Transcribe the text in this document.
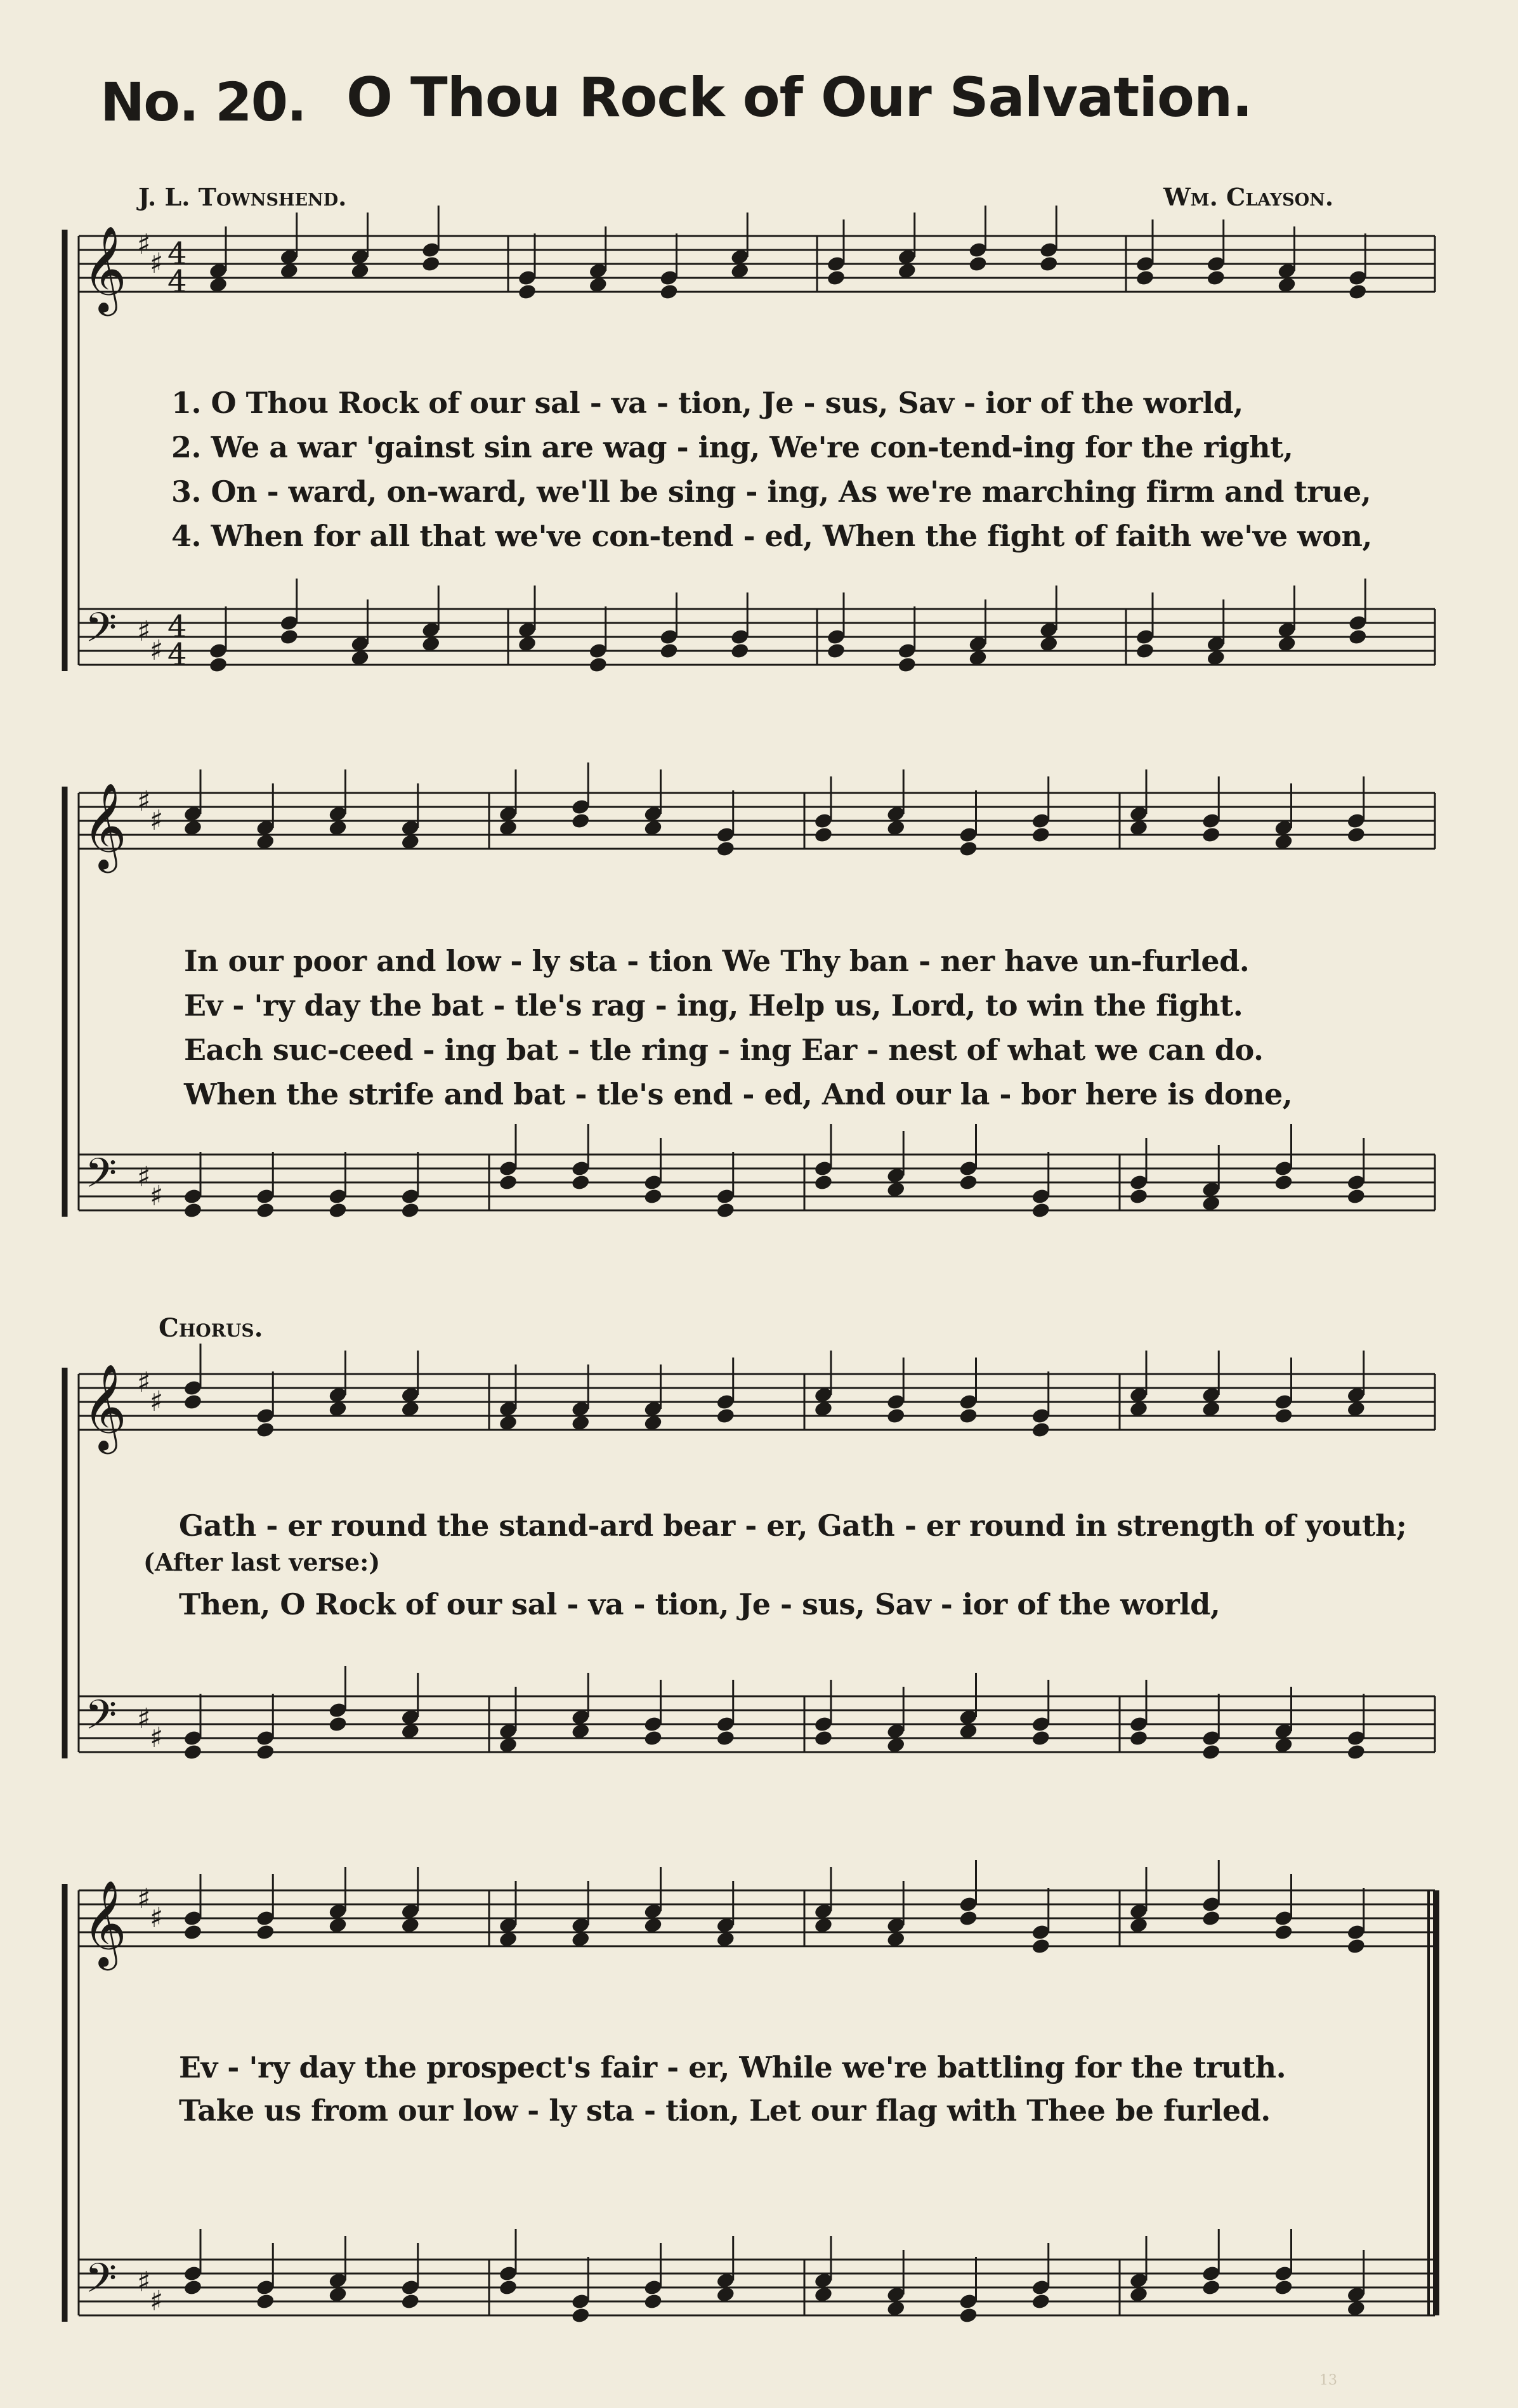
No. 20. O Thou Rock of Our Salvation.
J. L. Townshend.	Wm. Clayson.
𝄞
𝄢
♯
♯
♯
♯
4
4
4
4
𝄞
𝄢
♯
♯
♯
♯
𝄞
𝄢
♯
♯
♯
♯
𝄞
𝄢
♯
♯
♯
♯
1. O Thou Rock of our sal - va - tion, Je - sus, Sav - ior of the world,
2. We a war 'gainst sin are wag - ing, We're con-tend-ing for the right,
3. On - ward, on-ward, we'll be sing - ing, As we're marching firm and true,
4. When for all that we've con-tend - ed, When the fight of faith we've won,
In our poor and low - ly sta - tion We Thy ban - ner have un-furled.
Ev - 'ry day the bat - tle's rag - ing, Help us, Lord, to win the fight.
Each suc-ceed - ing bat - tle ring - ing Ear - nest of what we can do.
When the strife and bat - tle's end - ed, And our la - bor here is done,
Chorus.
Gath - er round the stand-ard bear - er, Gath - er round in strength of youth;
(After last verse:)
Then, O Rock of our sal - va - tion, Je - sus, Sav - ior of the world,
Ev - 'ry day the prospect's fair - er, While we're battling for the truth.
Take us from our low - ly sta - tion, Let our flag with Thee be furled.
13
